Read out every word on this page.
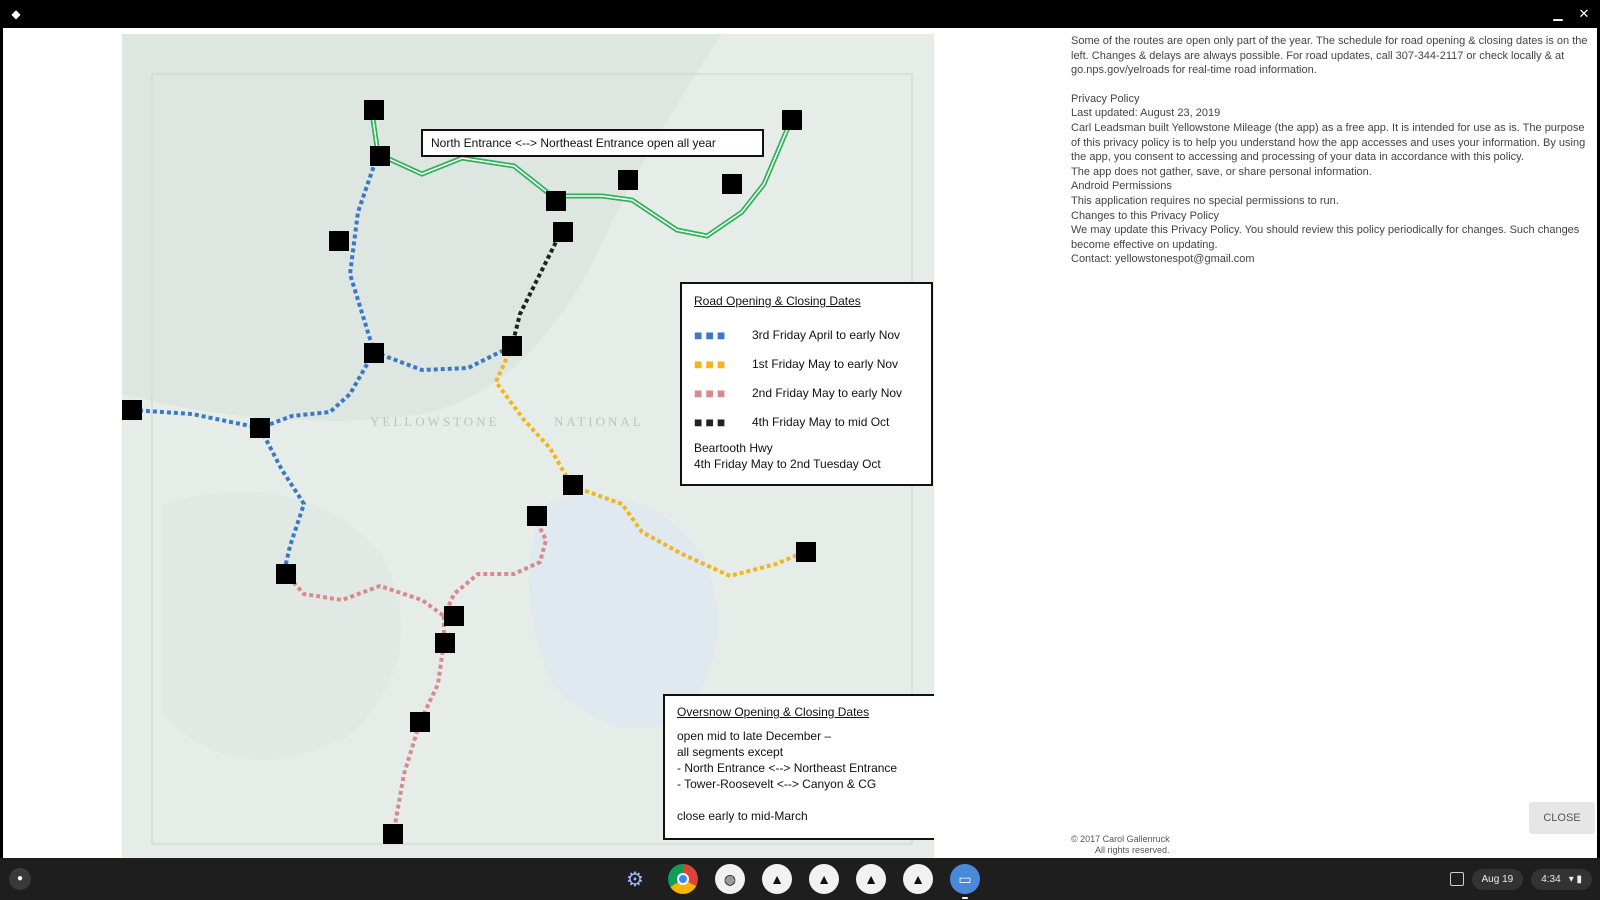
◆	▁ ✕
YELLOWSTONE	NATIONAL
North Entrance <--> Northeast Entrance open all year
Road Opening & Closing Dates
■■■	3rd Friday April to early Nov
■■■	1st Friday May to early Nov
■■■	2nd Friday May to early Nov
■■■	4th Friday May to mid Oct
Beartooth Hwy
4th Friday May to 2nd Tuesday Oct
Oversnow Opening & Closing Dates
open mid to late December –
all segments except
- North Entrance <--> Northeast Entrance
- Tower-Roosevelt <--> Canyon & CG
close early to mid-March

Some of the routes are open only part of the year. The schedule for road opening & closing dates is on the left. Changes & delays are always possible. For road updates, call 307-344-2117 or check locally & at go.nps.gov/yelroads for real-time road information.

Privacy Policy

Last updated: August 23, 2019

Carl Leadsman built Yellowstone Mileage (the app) as a free app. It is intended for use as is. The purpose of this privacy policy is to help you understand how the app accesses and uses your information. By using the app, you consent to accessing and processing of your data in accordance with this policy.

The app does not gather, save, or share personal information.

Android Permissions

This application requires no special permissions to run.

Changes to this Privacy Policy

We may update this Privacy Policy. You should review this policy periodically for changes. Such changes become effective on updating.

Contact: yellowstonespot@gmail.com

CLOSE
© 2017 Carol Gallenruck
All rights reserved.
●	⚙	◍ ▲ ▲ ▲ ▲ ▭	Aug 19	4:34 ▾ ▮
